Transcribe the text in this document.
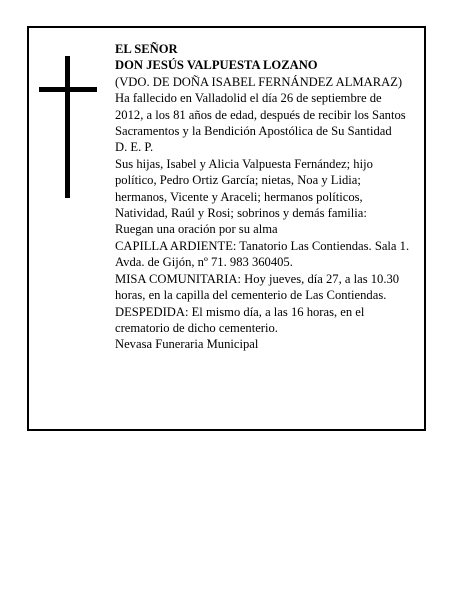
EL SEÑOR
DON JESÚS VALPUESTA LOZANO
(VDO. DE DOÑA ISABEL FERNÁNDEZ ALMARAZ)
Ha fallecido en Valladolid el día 26 de septiembre de 2012, a los 81 años de edad, después de recibir los Santos Sacramentos y la Bendición Apostólica de Su Santidad
D. E. P.
Sus hijas, Isabel y Alicia Valpuesta Fernández; hijo político, Pedro Ortiz García; nietas, Noa y Lidia; hermanos, Vicente y Araceli; hermanos políticos, Natividad, Raúl y Rosi; sobrinos y demás familia:
Ruegan una oración por su alma
CAPILLA ARDIENTE: Tanatorio Las Contiendas. Sala 1. Avda. de Gijón, nº 71. 983 360405.
MISA COMUNITARIA: Hoy jueves, día 27, a las 10.30 horas, en la capilla del cementerio de Las Contiendas.
DESPEDIDA: El mismo día, a las 16 horas, en el crematorio de dicho cementerio.
Nevasa Funeraria Municipal
